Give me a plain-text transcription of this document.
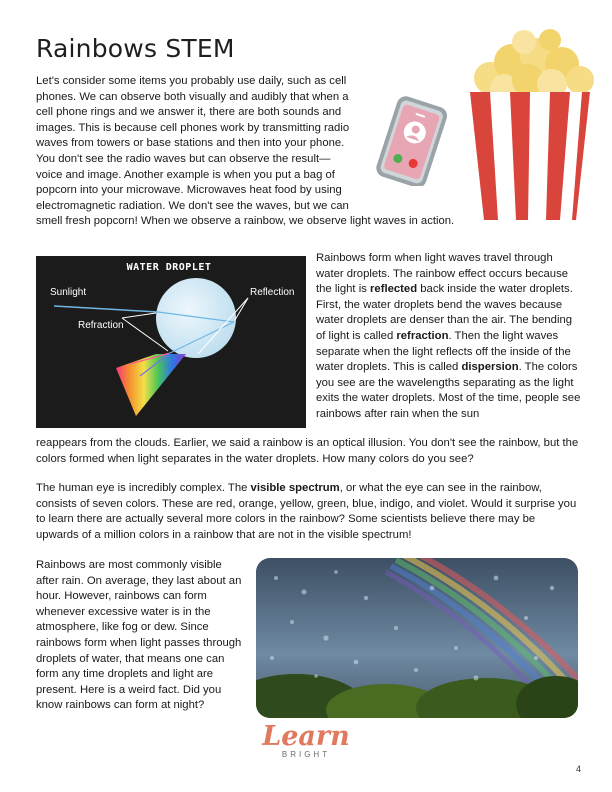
Rainbows STEM
Let's consider some items you probably use daily, such as cell
phones. We can observe both visually and audibly that when a
cell phone rings and we answer it, there are both sounds and
images. This is because cell phones work by transmitting radio
waves from towers or base stations and then into your phone.
You don't see the radio waves but can observe the result—
voice and image. Another example is when you put a bag of
popcorn into your microwave. Microwaves heat food by using
electromagnetic radiation. We don't see the waves, but we can
smell fresh popcorn! When we observe a rainbow, we observe light waves in action.
WATER DROPLET
Sunlight	Reflection
Refraction

Rainbows form when light waves travel through water droplets. The rainbow effect occurs because the light is reflected back inside the water droplets. First, the water droplets bend the waves because water droplets are denser than the air. The bending of light is called refraction. Then the light waves separate when the light reflects off the inside of the water droplets. This is called dispersion. The colors you see are the wavelengths separating as the light exits the water droplets. Most of the time, people see rainbows after rain when the sun

reappears from the clouds. Earlier, we said a rainbow is an optical illusion. You don't see the rainbow, but the colors formed when light separates in the water droplets. How many colors do you see?

The human eye is incredibly complex. The visible spectrum, or what the eye can see in the rainbow, consists of seven colors. These are red, orange, yellow, green, blue, indigo, and violet. Would it surprise you to learn there are actually several more colors in the rainbow? Some scientists believe there may be upwards of a million colors in a rainbow that are not in the visible spectrum!

Rainbows are most commonly visible after rain. On average, they last about an hour. However, rainbows can form whenever excessive water is in the atmosphere, like fog or dew. Since rainbows form when light passes through droplets of water, that means one can form any time droplets and light are present. Here is a weird fact. Did you know rainbows can form at night?

Learn
BRIGHT
4
